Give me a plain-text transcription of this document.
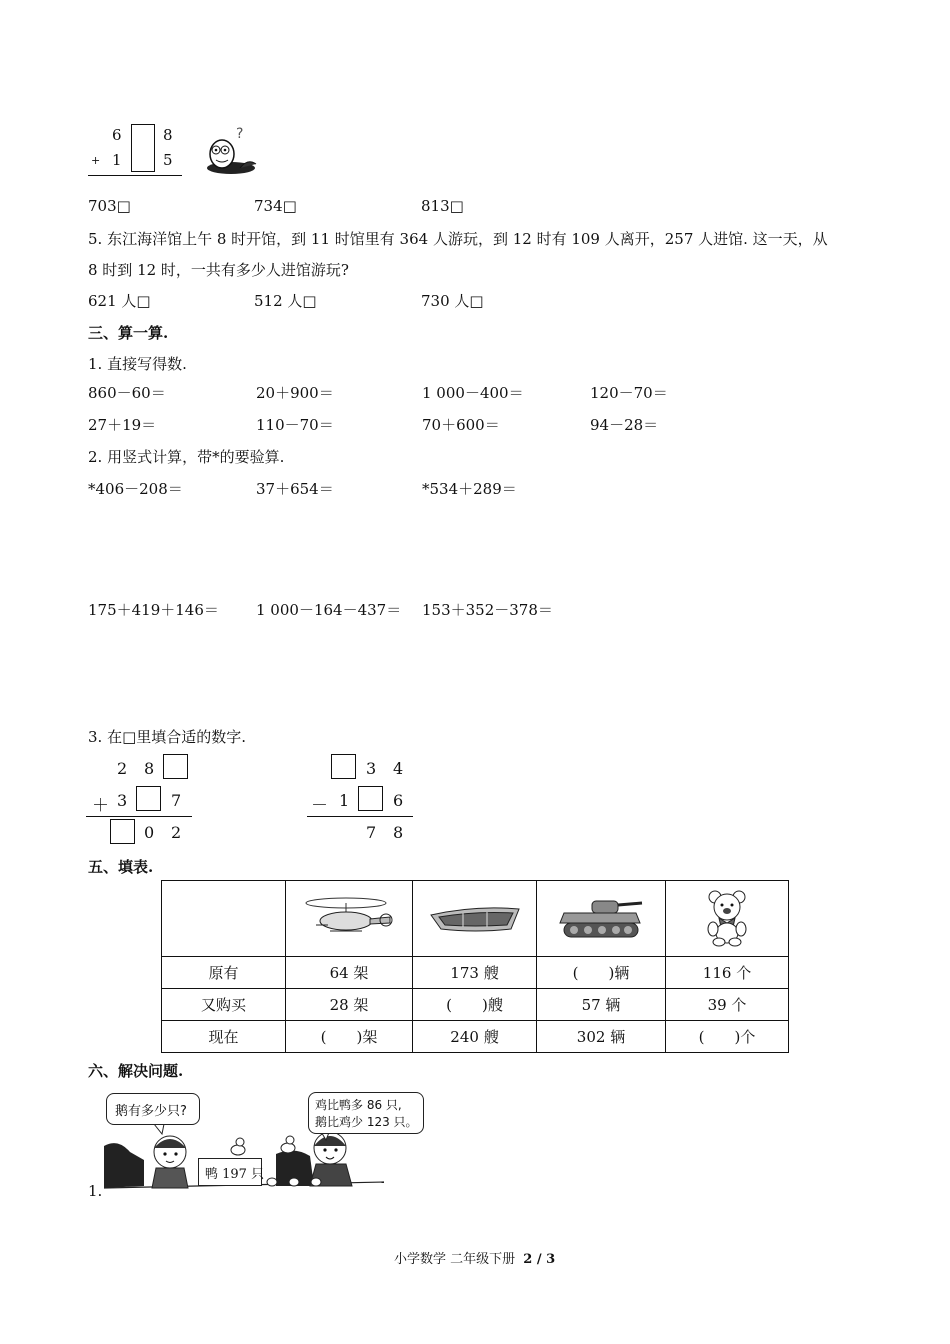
6	8
+ 1	5
?
703□	734□	813□
5. 东江海洋馆上午 8 时开馆，到 11 时馆里有 364 人游玩，到 12 时有 109 人离开，257 人进馆. 这一天，从
8 时到 12 时，一共有多少人进馆游玩?
621 人□	512 人□	730 人□
三、算一算.
1. 直接写得数.
860－60＝	20＋900＝	1 000－400＝	120－70＝
27＋19＝	110－70＝	70＋600＝	94－28＝
2. 用竖式计算，带*的要验算.
*406－208＝	37＋654＝	*534＋289＝
175＋419＋146＝ 1 000－164－437＝ 153＋352－378＝
3. 在□里填合适的数字.
2 8
＋ 3	7
0 2
3 4
－ 1	6
7 8
五、填表.

原有	64 架	173 艘	(　　)辆	116 个
又购买	28 架	(　　)艘	57 辆	39 个
现在	(　　)架	240 艘	302 辆	(　　)个
六、解决问题.
鹅有多少只?	鸡比鸭多 86 只,
鹅比鸡少 123 只。
鸭 197 只
1.
小学数学 二年级下册 2 / 3
